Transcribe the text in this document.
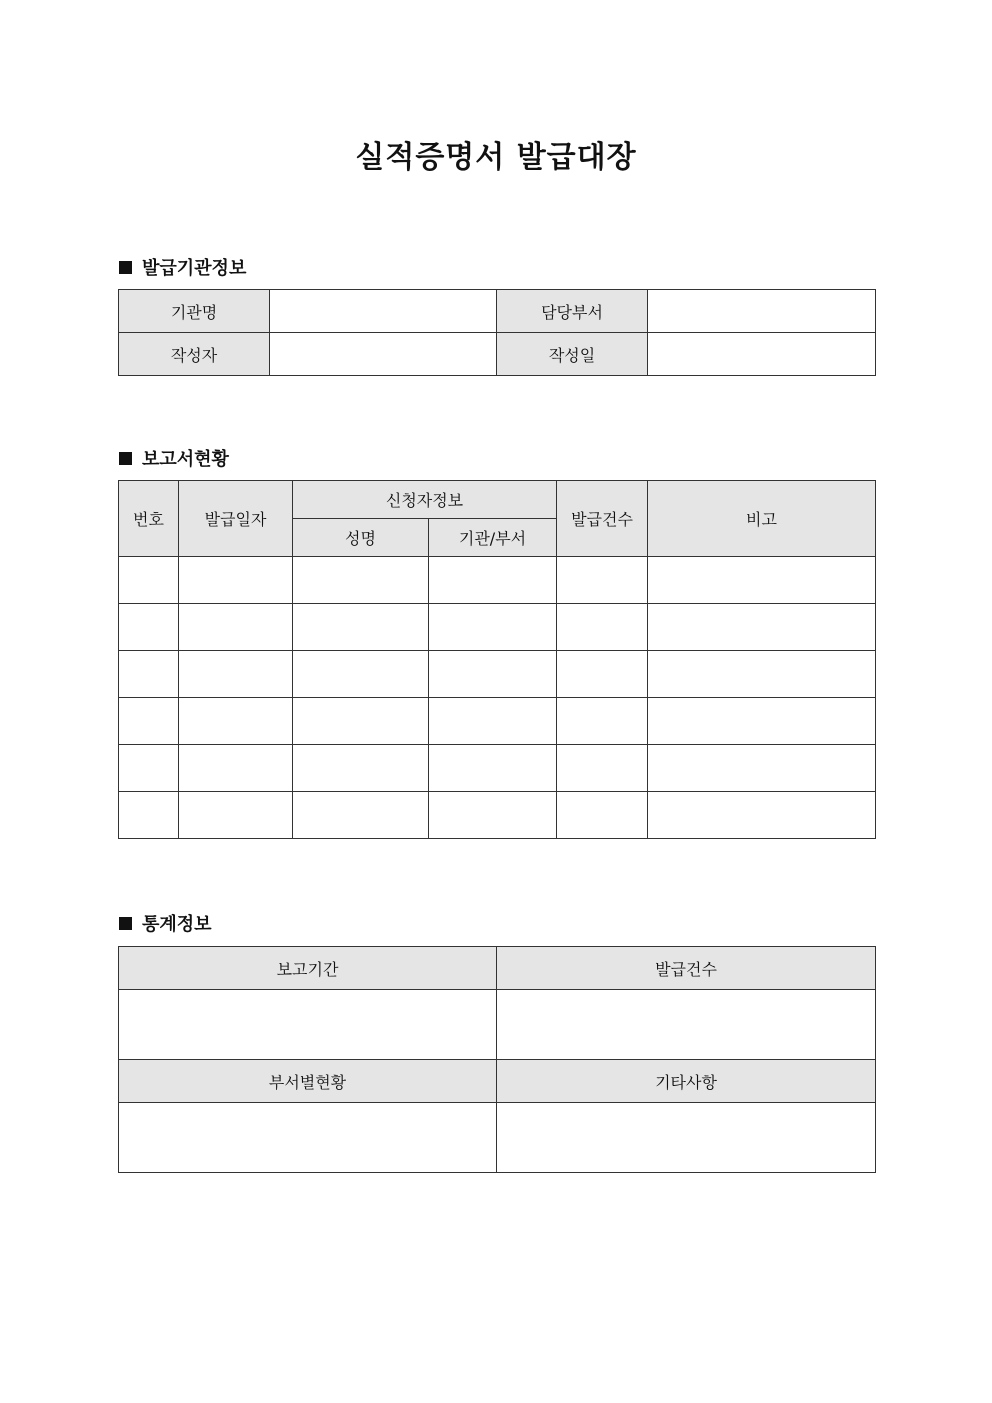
실적증명서 발급대장
발급기관정보
기관명		담당부서	
작성자		작성일	
보고서현황
번호	발급일자	신청자정보		발급건수	비고
		성명	기관/부서		

통계정보
보고기간	발급건수

부서별현황	기타사항
